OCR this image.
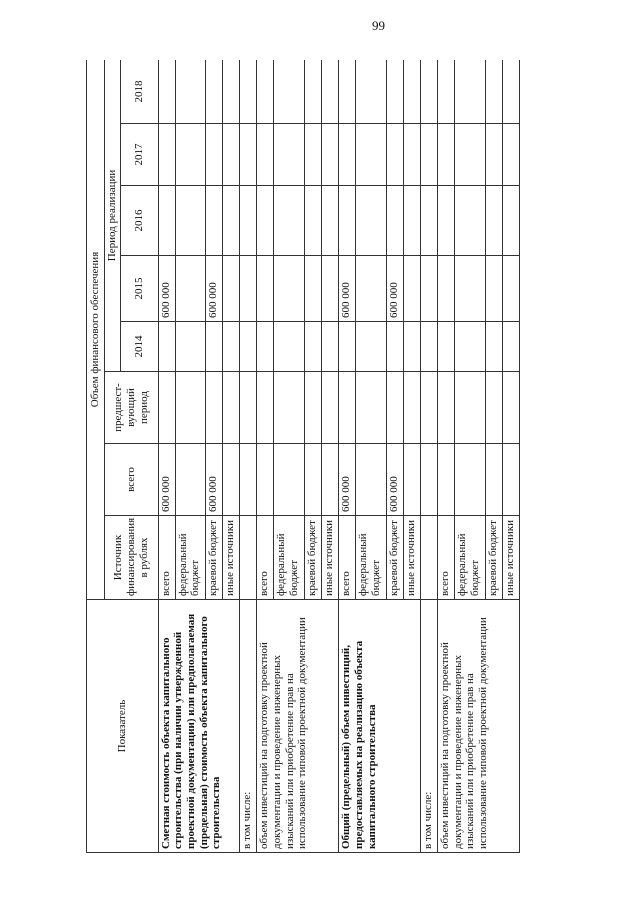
99
Показатель	Объем финансового обеспечения							
	Источник финансирования в рублях	всего	предшест-вующий период	Период реализации				
				2014	2015	2016	2017	2018
Сметная стоимость объекта капитального строительства (при наличии утвержденной проектной документации) или предполагаемая (предельная) стоимость объекта капитального строительства	всего	600 000			600 000			
	федеральный бюджет							
	краевой бюджет	600 000			600 000			
	иные источники							
в том числе:								
объем инвестиций на подготовку проектной документации и проведение инженерных изысканий или приобретение прав на использование типовой проектной документации	всего							
	федеральный бюджет							
	краевой бюджет							
	иные источники							
Общий (предельный) объем инвестиций, предоставляемых на реализацию объекта капитального строительства	всего	600 000			600 000			
	федеральный бюджет							
	краевой бюджет	600 000			600 000			
	иные источники							
в том числе:								
объем инвестиций на подготовку проектной документации и проведение инженерных изысканий или приобретение прав на использование типовой проектной документации	всего							
	федеральный бюджет							
	краевой бюджет							
	иные источники							
